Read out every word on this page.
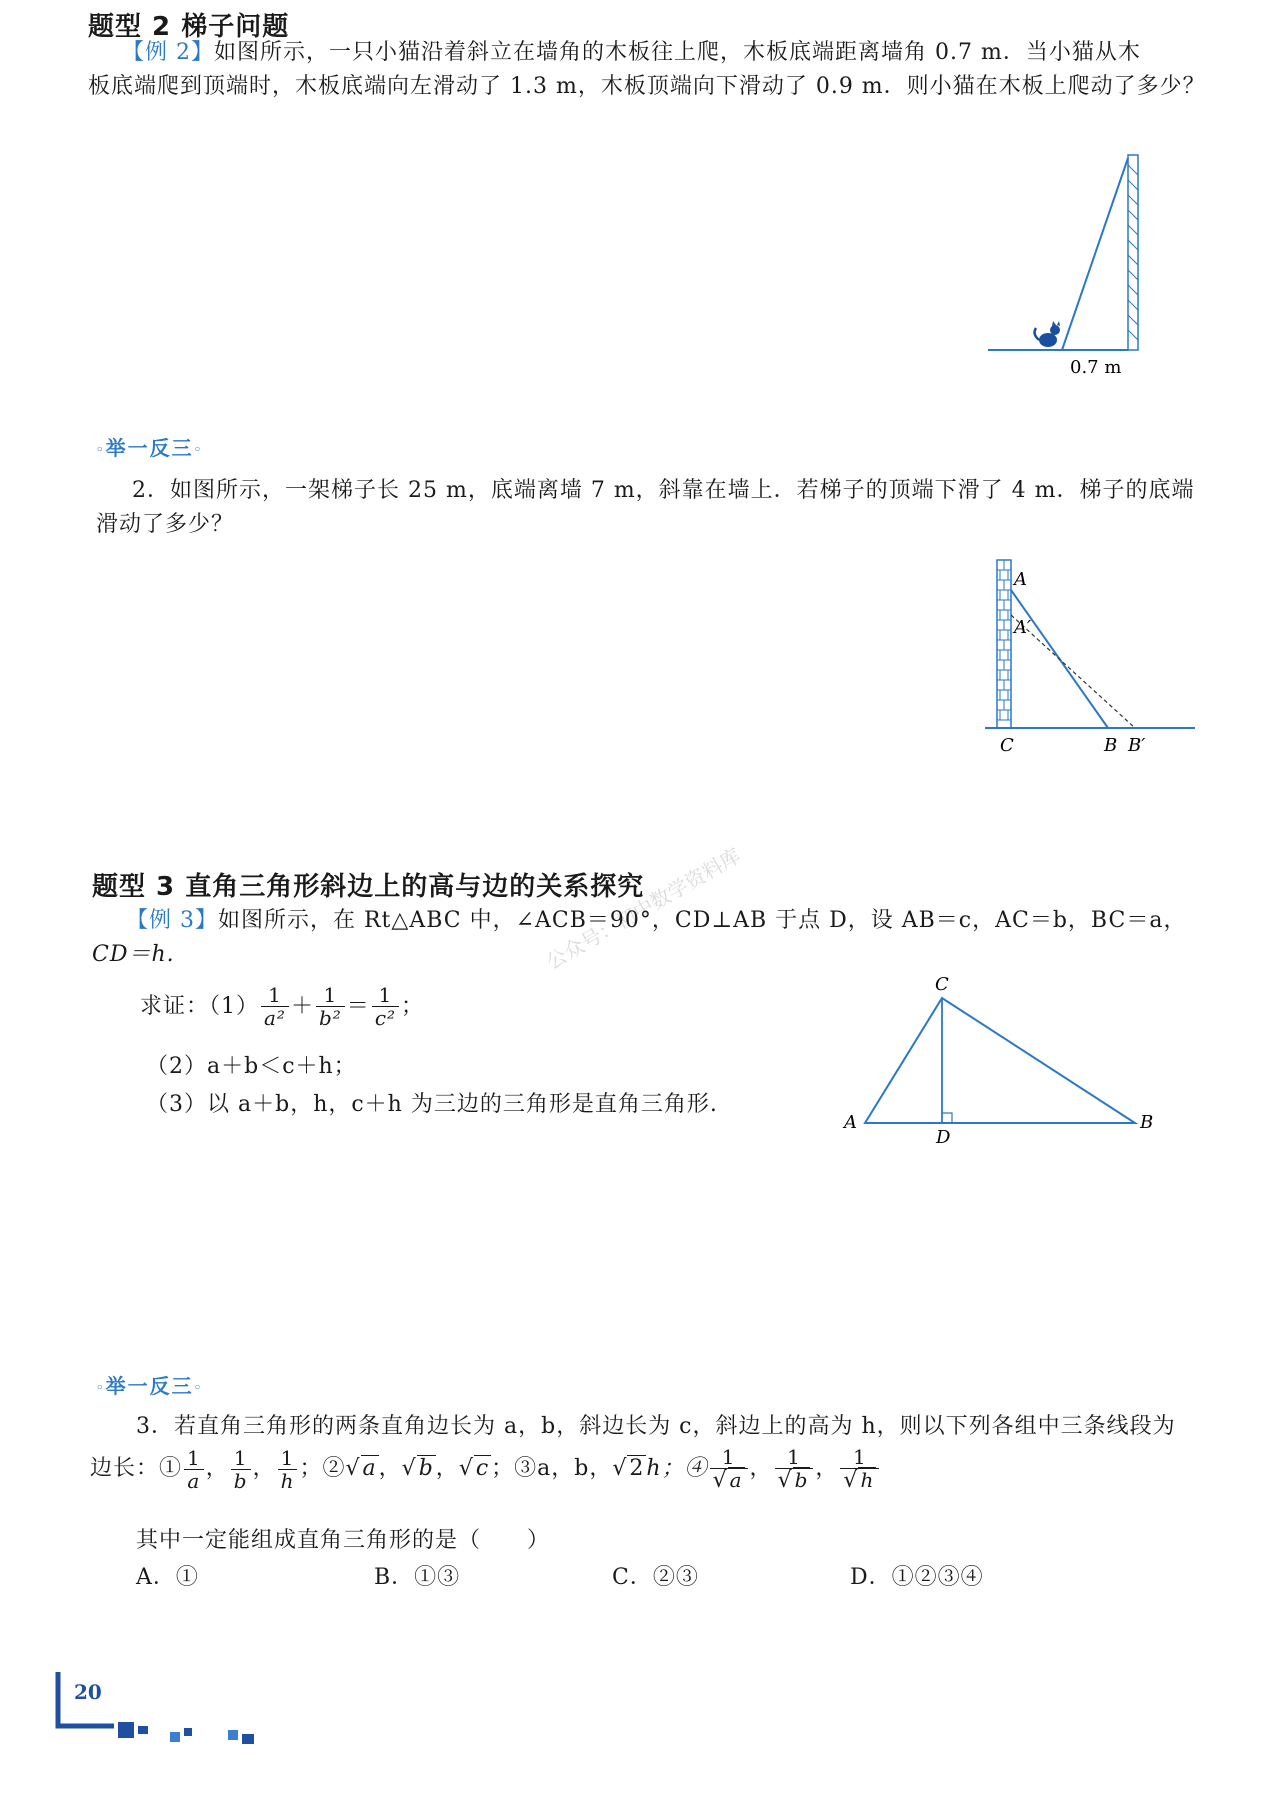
题型 2 梯子问题
【例 2】如图所示，一只小猫沿着斜立在墙角的木板往上爬，木板底端距离墙角 0.7 m．当小猫从木
板底端爬到顶端时，木板底端向左滑动了 1.3 m，木板顶端向下滑动了 0.9 m．则小猫在木板上爬动了多少？
0.7 m
◦举一反三◦
2．如图所示，一架梯子长 25 m，底端离墙 7 m，斜靠在墙上．若梯子的顶端下滑了 4 m．梯子的底端
滑动了多少？
A
A′
C	B B′
题型 3 直角三角形斜边上的高与边的关系探究
公众号：初中数学资料库
【例 3】如图所示，在 Rt△ABC 中，∠ACB＝90°，CD⊥AB 于点 D，设 AB＝c，AC＝b，BC＝a，
CD＝h.
求证：$(1) \frac{1}{\text{a²}} + \frac{1}{\text{b²}} = \frac{1}{\text{c²}}$ ；
（2）a＋b＜c＋h；
（3）以 a＋b，h，c＋h 为三边的三角形是直角三角形.
C
A
D
B
◦举一反三◦
3．若直角三角形的两条直角边长为 a，b，斜边长为 c，斜边上的高为 h，则以下列各组中三条线段为
边长：① $\frac{1}{a}$ ， $\frac{1}{b}$ ， $\frac{1}{h}$ ；② √a ， √b ， √c ；③a，b， √2 h；④ $\frac{1}{√ a}$ ， $\frac{1}{√ b}$ ， $\frac{1}{√ h}$
其中一定能组成直角三角形的是（　　）
A．①	B．①③	C．②③	D．①②③④
20
